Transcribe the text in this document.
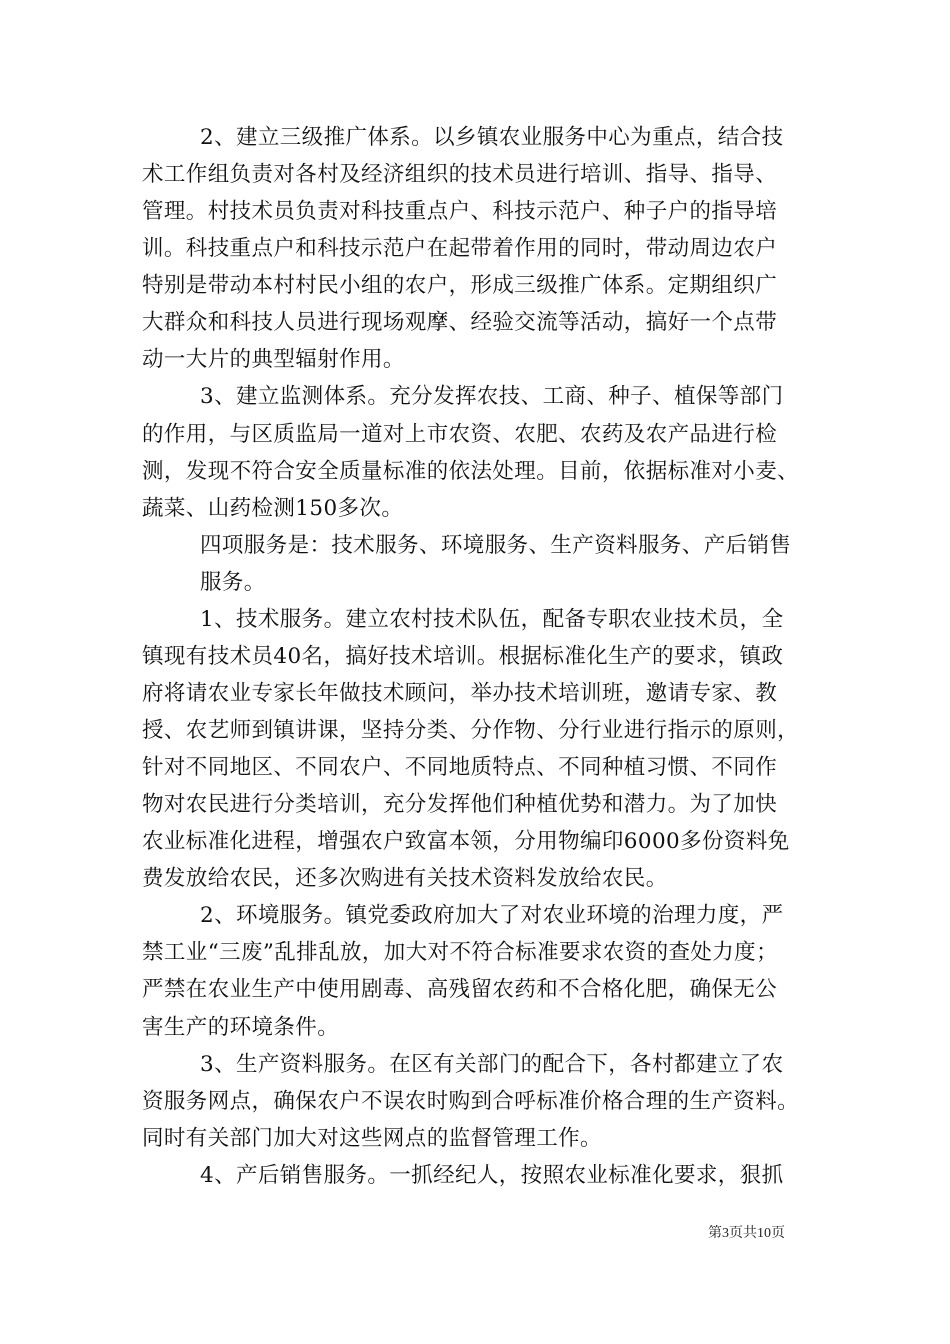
2、建立三级推广体系。以乡镇农业服务中心为重点，结合技
术工作组负责对各村及经济组织的技术员进行培训、指导、指导、
管理。村技术员负责对科技重点户、科技示范户、种子户的指导培
训。科技重点户和科技示范户在起带着作用的同时，带动周边农户
特别是带动本村村民小组的农户，形成三级推广体系。定期组织广
大群众和科技人员进行现场观摩、经验交流等活动，搞好一个点带
动一大片的典型辐射作用。
3、建立监测体系。充分发挥农技、工商、种子、植保等部门
的作用，与区质监局一道对上市农资、农肥、农药及农产品进行检
测，发现不符合安全质量标准的依法处理。目前，依据标准对小麦、
蔬菜、山药检测150多次。
四项服务是：技术服务、环境服务、生产资料服务、产后销售
服务。
1、技术服务。建立农村技术队伍，配备专职农业技术员，全
镇现有技术员40名，搞好技术培训。根据标准化生产的要求，镇政
府将请农业专家长年做技术顾问，举办技术培训班，邀请专家、教
授、农艺师到镇讲课，坚持分类、分作物、分行业进行指示的原则，
针对不同地区、不同农户、不同地质特点、不同种植习惯、不同作
物对农民进行分类培训，充分发挥他们种植优势和潜力。为了加快
农业标准化进程，增强农户致富本领，分用物编印6000多份资料免
费发放给农民，还多次购进有关技术资料发放给农民。
2、环境服务。镇党委政府加大了对农业环境的治理力度，严
禁工业“三废”乱排乱放，加大对不符合标准要求农资的查处力度；
严禁在农业生产中使用剧毒、高残留农药和不合格化肥，确保无公
害生产的环境条件。
3、生产资料服务。在区有关部门的配合下，各村都建立了农
资服务网点，确保农户不误农时购到合呼标准价格合理的生产资料。
同时有关部门加大对这些网点的监督管理工作。
4、产后销售服务。一抓经纪人，按照农业标准化要求，狠抓
第3页共10页
